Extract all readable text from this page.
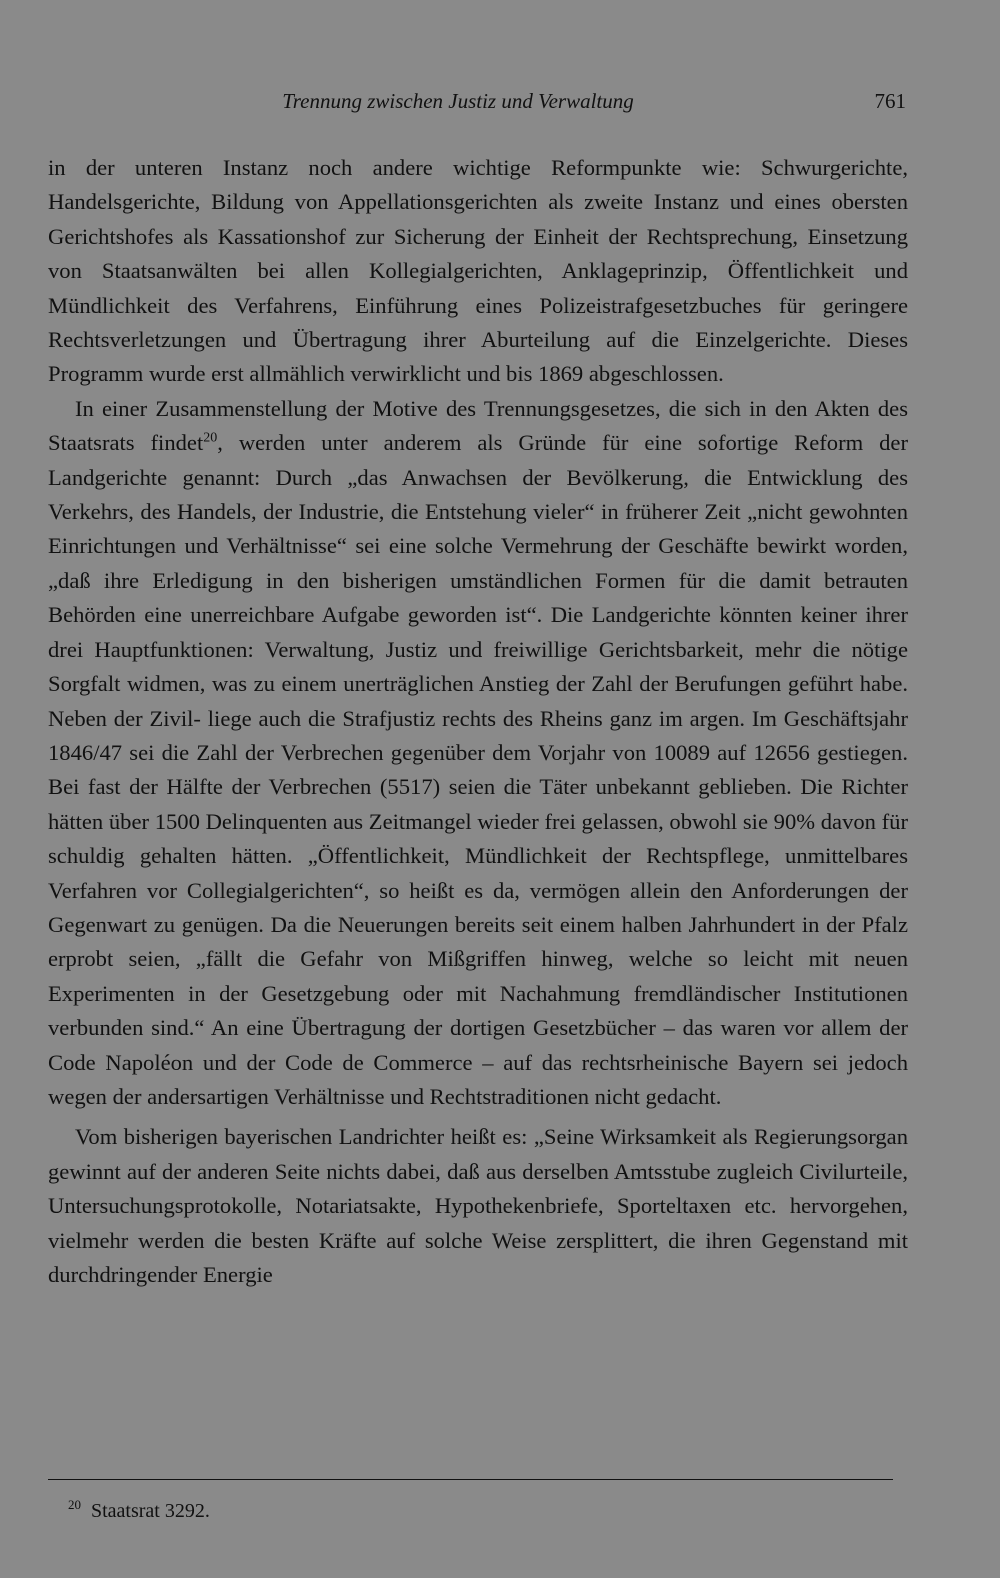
Trennung zwischen Justiz und Verwaltung	761

in der unteren Instanz noch andere wichtige Reformpunkte wie: Schwurgerichte, Handelsgerichte, Bildung von Appellationsgerichten als zweite Instanz und eines obersten Gerichtshofes als Kassationshof zur Sicherung der Einheit der Rechtsprechung, Einsetzung von Staatsanwälten bei allen Kollegialgerichten, Anklageprinzip, Öffentlichkeit und Mündlichkeit des Verfahrens, Einführung eines Polizeistrafgesetzbuches für geringere Rechtsverletzungen und Übertragung ihrer Aburteilung auf die Einzelgerichte. Dieses Programm wurde erst allmählich verwirklicht und bis 1869 abgeschlossen.

In einer Zusammenstellung der Motive des Trennungsgesetzes, die sich in den Akten des Staatsrats findet$^{20}$, werden unter anderem als Gründe für eine sofortige Reform der Landgerichte genannt: Durch „das Anwachsen der Bevölkerung, die Entwicklung des Verkehrs, des Handels, der Industrie, die Entstehung vieler“ in früherer Zeit „nicht gewohnten Einrichtungen und Verhältnisse“ sei eine solche Vermehrung der Geschäfte bewirkt worden, „daß ihre Erledigung in den bisherigen umständlichen Formen für die damit betrauten Behörden eine unerreichbare Aufgabe geworden ist“. Die Landgerichte könnten keiner ihrer drei Hauptfunktionen: Verwaltung, Justiz und freiwillige Gerichtsbarkeit, mehr die nötige Sorgfalt widmen, was zu einem unerträglichen Anstieg der Zahl der Berufungen geführt habe. Neben der Zivil- liege auch die Strafjustiz rechts des Rheins ganz im argen. Im Geschäftsjahr 1846/47 sei die Zahl der Verbrechen gegenüber dem Vorjahr von 10089 auf 12656 gestiegen. Bei fast der Hälfte der Verbrechen (5517) seien die Täter unbekannt geblieben. Die Richter hätten über 1500 Delinquenten aus Zeitmangel wieder frei gelassen, obwohl sie 90% davon für schuldig gehalten hätten. „Öffentlichkeit, Mündlichkeit der Rechtspflege, unmittelbares Verfahren vor Collegialgerichten“, so heißt es da, vermögen allein den Anforderungen der Gegenwart zu genügen. Da die Neuerungen bereits seit einem halben Jahrhundert in der Pfalz erprobt seien, „fällt die Gefahr von Mißgriffen hinweg, welche so leicht mit neuen Experimenten in der Gesetzgebung oder mit Nachahmung fremdländischer Institutionen verbunden sind.“ An eine Übertragung der dortigen Gesetzbücher – das waren vor allem der Code Napoléon und der Code de Commerce – auf das rechtsrheinische Bayern sei jedoch wegen der andersartigen Verhältnisse und Rechtstraditionen nicht gedacht.

Vom bisherigen bayerischen Landrichter heißt es: „Seine Wirksamkeit als Regierungsorgan gewinnt auf der anderen Seite nichts dabei, daß aus derselben Amtsstube zugleich Civilurteile, Untersuchungsprotokolle, Notariatsakte, Hypothekenbriefe, Sporteltaxen etc. hervorgehen, vielmehr werden die besten Kräfte auf solche Weise zersplittert, die ihren Gegenstand mit durchdringender Energie

$^{20}$ Staatsrat 3292.
